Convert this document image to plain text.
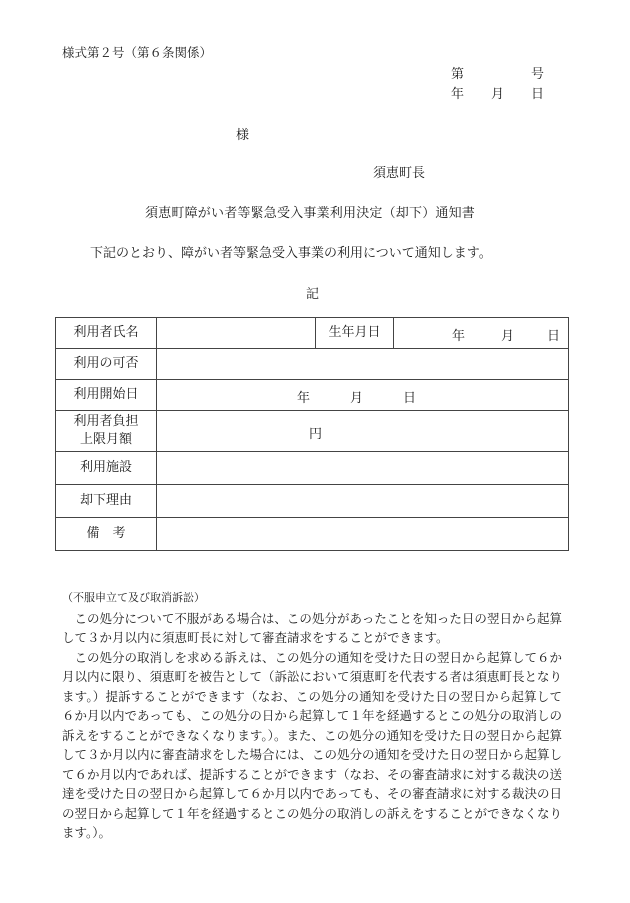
様式第２号（第６条関係）
第	号
年 月 日
様
須恵町長
須恵町障がい者等緊急受入事業利用決定（却下）通知書
下記のとおり、障がい者等緊急受入事業の利用について通知します。
記
利用者氏名		生年月日	年 月 日

利用の可否			
利用開始日	年 月 日		

利用者負担
上限月額	円		

利用施設			
却下理由			
備　考			
（不服申立て及び取消訴訟）

この処分について不服がある場合は、この処分があったことを知った日の翌日から起算して３か月以内に須恵町長に対して審査請求をすることができます。

この処分の取消しを求める訴えは、この処分の通知を受けた日の翌日から起算して６か月以内に限り、須恵町を被告として（訴訟において須恵町を代表する者は須恵町長となります。）提訴することができます（なお、この処分の通知を受けた日の翌日から起算して６か月以内であっても、この処分の日から起算して１年を経過するとこの処分の取消しの訴えをすることができなくなります。）。また、この処分の通知を受けた日の翌日から起算して３か月以内に審査請求をした場合には、この処分の通知を受けた日の翌日から起算して６か月以内であれば、提訴することができます（なお、その審査請求に対する裁決の送達を受けた日の翌日から起算して６か月以内であっても、その審査請求に対する裁決の日の翌日から起算して１年を経過するとこの処分の取消しの訴えをすることができなくなります。）。
